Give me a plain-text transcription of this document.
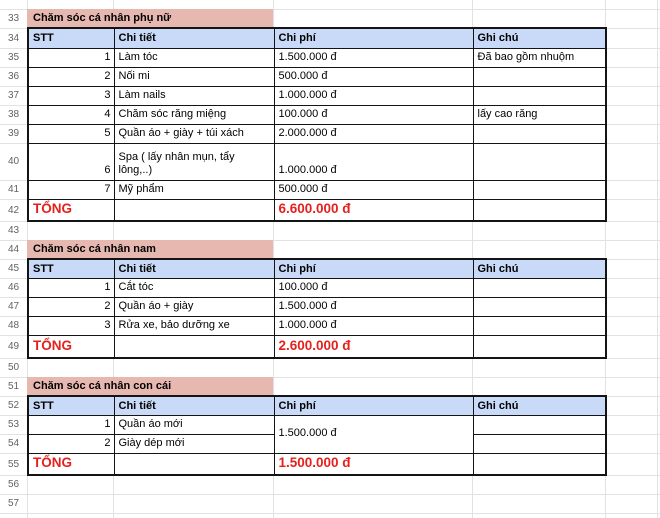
33
34
35
36
37
38
39
40
41
42
43
44
45
46
47
48
49
50
51
52
53
54
55
56
57
Chăm sóc cá nhân phụ nữ
STT	Chi tiết	Chi phí	Ghi chú
1	Làm tóc	1.500.000 đ	Đã bao gồm nhuộm
2	Nối mi	500.000 đ	
3	Làm nails	1.000.000 đ	
4	Chăm sóc răng miệng	100.000 đ	lấy cao răng
5	Quần áo + giày + túi xách	2.000.000 đ	
6	Spa ( lấy nhân mụn, tẩy lông,..)	1.000.000 đ	
7	Mỹ phẩm	500.000 đ	
TỔNG		6.600.000 đ	
Chăm sóc cá nhân nam
STT	Chi tiết	Chi phí	Ghi chú
1	Cắt tóc	100.000 đ	
2	Quần áo + giày	1.500.000 đ	
3	Rửa xe, bảo dưỡng xe	1.000.000 đ	
TỔNG		2.600.000 đ	
Chăm sóc cá nhân con cái
STT	Chi tiết	Chi phí	Ghi chú
1	Quần áo mới	1.500.000 đ	
2	Giày dép mới		
TỔNG		1.500.000 đ	
